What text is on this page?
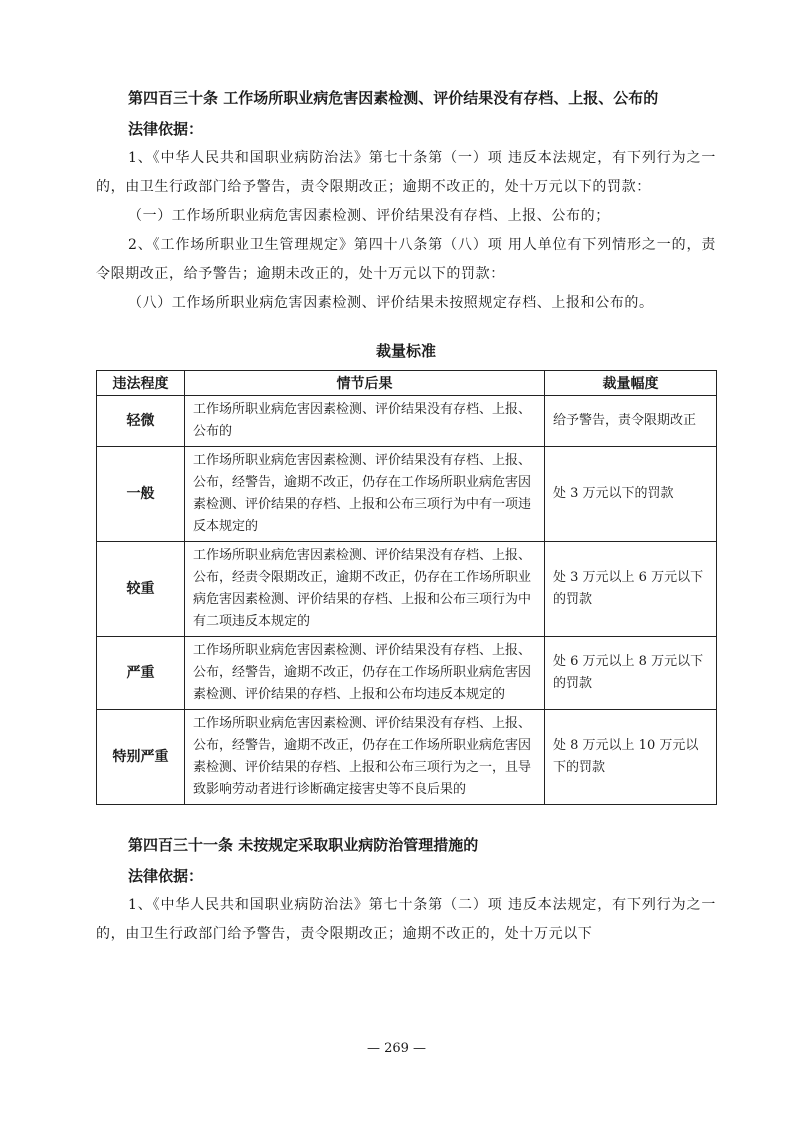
第四百三十条 工作场所职业病危害因素检测、评价结果没有存档、上报、公布的
法律依据：

1、《中华人民共和国职业病防治法》第七十条第（一）项 违反本法规定，有下列行为之一的，由卫生行政部门给予警告，责令限期改正；逾期不改正的，处十万元以下的罚款：

（一）工作场所职业病危害因素检测、评价结果没有存档、上报、公布的；

2、《工作场所职业卫生管理规定》第四十八条第（八）项 用人单位有下列情形之一的，责令限期改正，给予警告；逾期未改正的，处十万元以下的罚款：

（八）工作场所职业病危害因素检测、评价结果未按照规定存档、上报和公布的。

裁量标准
违法程度	情节后果	裁量幅度
轻微	工作场所职业病危害因素检测、评价结果没有存档、上报、公布的	给予警告，责令限期改正
一般	工作场所职业病危害因素检测、评价结果没有存档、上报、公布，经警告，逾期不改正，仍存在工作场所职业病危害因素检测、评价结果的存档、上报和公布三项行为中有一项违反本规定的	处 3 万元以下的罚款
较重	工作场所职业病危害因素检测、评价结果没有存档、上报、公布，经责令限期改正，逾期不改正，仍存在工作场所职业病危害因素检测、评价结果的存档、上报和公布三项行为中有二项违反本规定的	处 3 万元以上 6 万元以下的罚款
严重	工作场所职业病危害因素检测、评价结果没有存档、上报、公布，经警告，逾期不改正，仍存在工作场所职业病危害因素检测、评价结果的存档、上报和公布均违反本规定的	处 6 万元以上 8 万元以下的罚款
特别严重	工作场所职业病危害因素检测、评价结果没有存档、上报、公布，经警告，逾期不改正，仍存在工作场所职业病危害因素检测、评价结果的存档、上报和公布三项行为之一，且导致影响劳动者进行诊断确定接害史等不良后果的	处 8 万元以上 10 万元以下的罚款
第四百三十一条 未按规定采取职业病防治管理措施的
法律依据：

1、《中华人民共和国职业病防治法》第七十条第（二）项 违反本法规定，有下列行为之一的，由卫生行政部门给予警告，责令限期改正；逾期不改正的，处十万元以下

— 269 —
